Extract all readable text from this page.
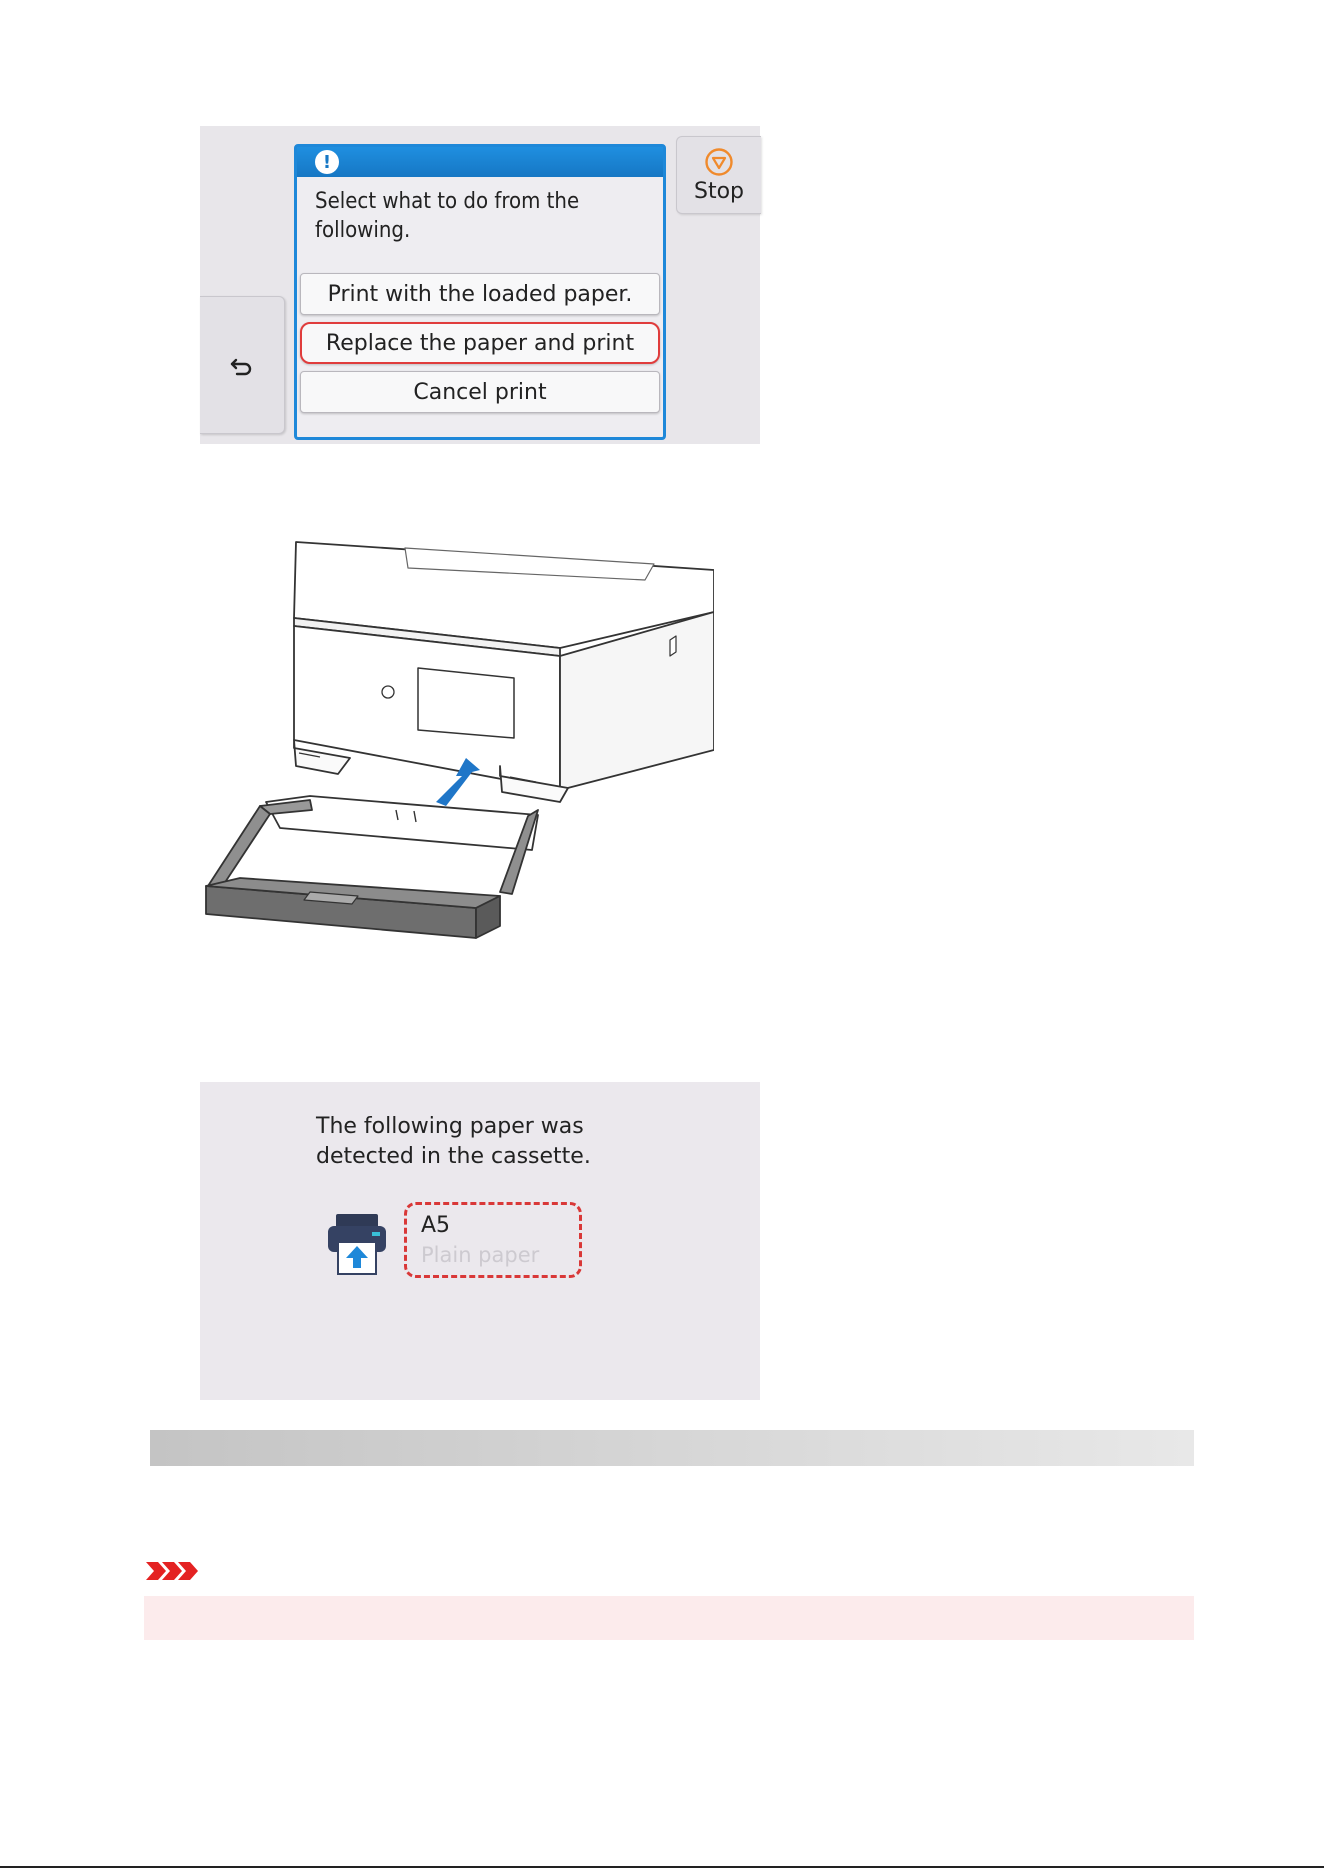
!
Select what to do from the following.
Print with the loaded paper.
Replace the paper and print
Cancel print
Stop
The following paper was detected in the cassette.
A5
Plain paper
